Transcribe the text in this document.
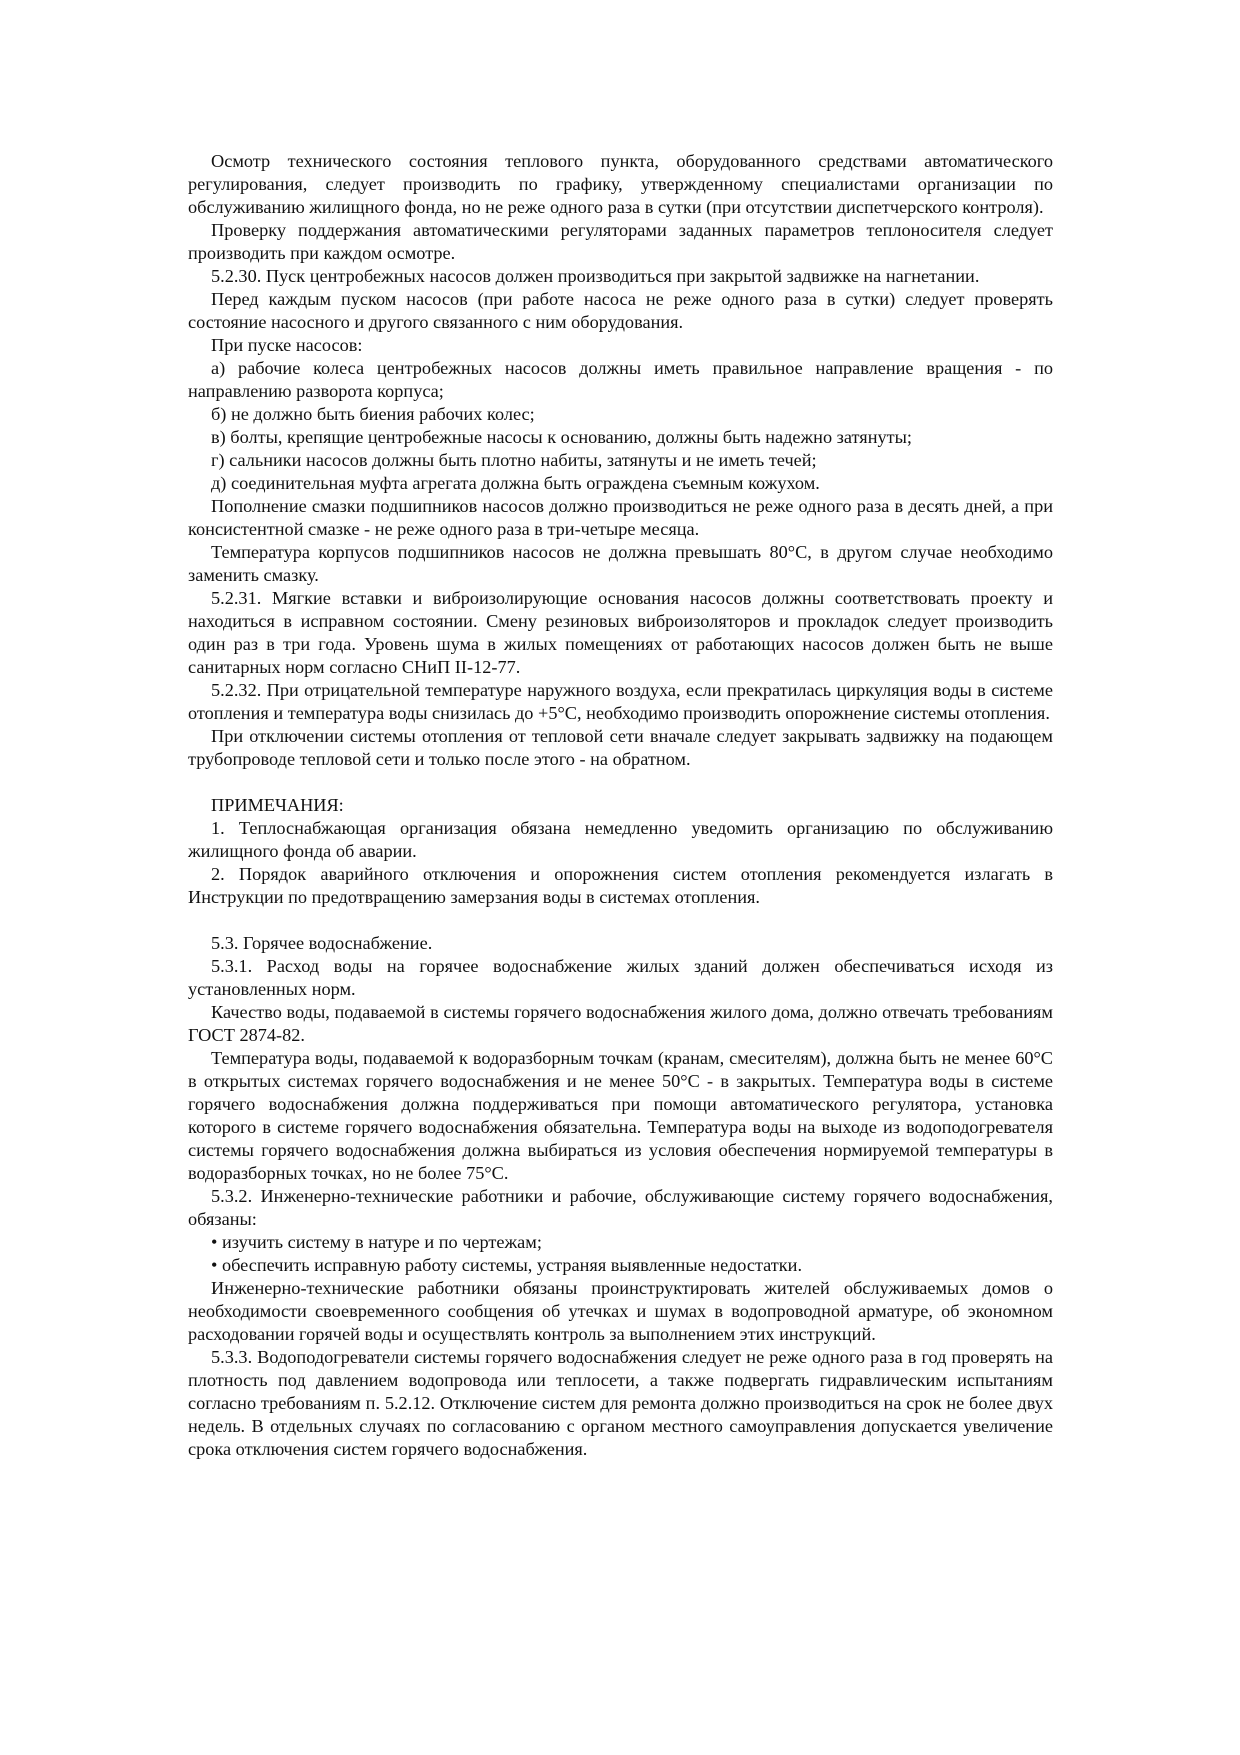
Осмотр технического состояния теплового пункта, оборудованного средствами автоматического регулирования, следует производить по графику, утвержденному специалистами организации по обслуживанию жилищного фонда, но не реже одного раза в сутки (при отсутствии диспетчерского контроля).

Проверку поддержания автоматическими регуляторами заданных параметров теплоносителя следует производить при каждом осмотре.

5.2.30. Пуск центробежных насосов должен производиться при закрытой задвижке на нагнетании.

Перед каждым пуском насосов (при работе насоса не реже одного раза в сутки) следует проверять состояние насосного и другого связанного с ним оборудования.

При пуске насосов:

а) рабочие колеса центробежных насосов должны иметь правильное направление вращения - по направлению разворота корпуса;

б) не должно быть биения рабочих колес;

в) болты, крепящие центробежные насосы к основанию, должны быть надежно затянуты;

г) сальники насосов должны быть плотно набиты, затянуты и не иметь течей;

д) соединительная муфта агрегата должна быть ограждена съемным кожухом.

Пополнение смазки подшипников насосов должно производиться не реже одного раза в десять дней, а при консистентной смазке - не реже одного раза в три-четыре месяца.

Температура корпусов подшипников насосов не должна превышать 80°С, в другом случае необходимо заменить смазку.

5.2.31. Мягкие вставки и виброизолирующие основания насосов должны соответствовать проекту и находиться в исправном состоянии. Смену резиновых виброизоляторов и прокладок следует производить один раз в три года. Уровень шума в жилых помещениях от работающих насосов должен быть не выше санитарных норм согласно СНиП II-12-77.

5.2.32. При отрицательной температуре наружного воздуха, если прекратилась циркуляция воды в системе отопления и температура воды снизилась до +5°С, необходимо производить опорожнение системы отопления.

При отключении системы отопления от тепловой сети вначале следует закрывать задвижку на подающем трубопроводе тепловой сети и только после этого - на обратном.

ПРИМЕЧАНИЯ:

1. Теплоснабжающая организация обязана немедленно уведомить организацию по обслуживанию жилищного фонда об аварии.

2. Порядок аварийного отключения и опорожнения систем отопления рекомендуется излагать в Инструкции по предотвращению замерзания воды в системах отопления.

5.3. Горячее водоснабжение.

5.3.1. Расход воды на горячее водоснабжение жилых зданий должен обеспечиваться исходя из установленных норм.

Качество воды, подаваемой в системы горячего водоснабжения жилого дома, должно отвечать требованиям ГОСТ 2874-82.

Температура воды, подаваемой к водоразборным точкам (кранам, смесителям), должна быть не менее 60°С в открытых системах горячего водоснабжения и не менее 50°С - в закрытых. Температура воды в системе горячего водоснабжения должна поддерживаться при помощи автоматического регулятора, установка которого в системе горячего водоснабжения обязательна. Температура воды на выходе из водоподогревателя системы горячего водоснабжения должна выбираться из условия обеспечения нормируемой температуры в водоразборных точках, но не более 75°С.

5.3.2. Инженерно-технические работники и рабочие, обслуживающие систему горячего водоснабжения, обязаны:

• изучить систему в натуре и по чертежам;

• обеспечить исправную работу системы, устраняя выявленные недостатки.

Инженерно-технические работники обязаны проинструктировать жителей обслуживаемых домов о необходимости своевременного сообщения об утечках и шумах в водопроводной арматуре, об экономном расходовании горячей воды и осуществлять контроль за выполнением этих инструкций.

5.3.3. Водоподогреватели системы горячего водоснабжения следует не реже одного раза в год проверять на плотность под давлением водопровода или теплосети, а также подвергать гидравлическим испытаниям согласно требованиям п. 5.2.12. Отключение систем для ремонта должно производиться на срок не более двух недель. В отдельных случаях по согласованию с органом местного самоуправления допускается увеличение срока отключения систем горячего водоснабжения.
